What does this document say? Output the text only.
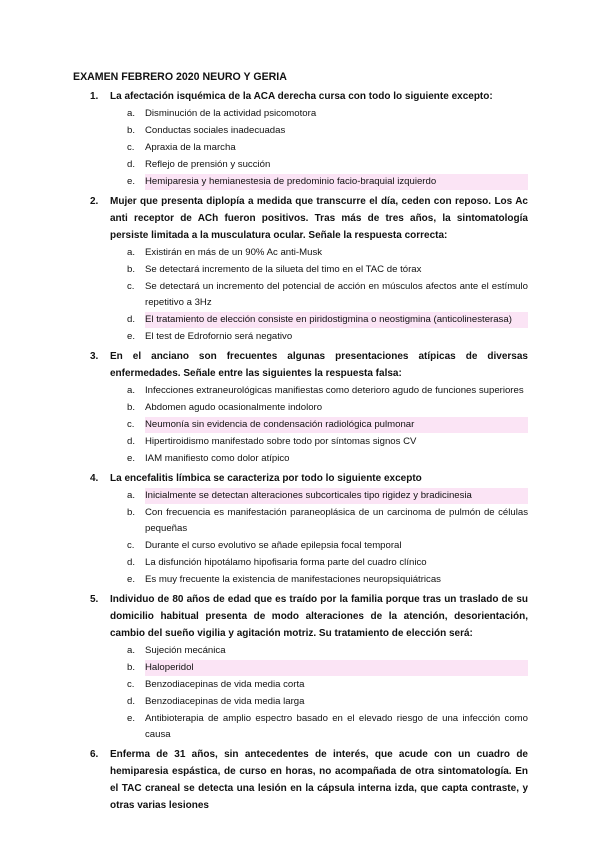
EXAMEN FEBRERO 2020 NEURO Y GERIA
1. La afectación isquémica de la ACA derecha cursa con todo lo siguiente excepto:
a. Disminución de la actividad psicomotora
b. Conductas sociales inadecuadas
c. Apraxia de la marcha
d. Reflejo de prensión y succión
e. Hemiparesia y hemianestesia de predominio facio-braquial izquierdo
2. Mujer que presenta diplopía a medida que transcurre el día, ceden con reposo. Los Ac anti receptor de ACh fueron positivos. Tras más de tres años, la sintomatología persiste limitada a la musculatura ocular. Señale la respuesta correcta:
a. Existirán en más de un 90% Ac anti-Musk
b. Se detectará incremento de la silueta del timo en el TAC de tórax
c. Se detectará un incremento del potencial de acción en músculos afectos ante el estímulo repetitivo a 3Hz
d. El tratamiento de elección consiste en piridostigmina o neostigmina (anticolinesterasa)
e. El test de Edrofornio será negativo
3. En el anciano son frecuentes algunas presentaciones atípicas de diversas enfermedades. Señale entre las siguientes la respuesta falsa:
a. Infecciones extraneurológicas manifiestas como deterioro agudo de funciones superiores
b. Abdomen agudo ocasionalmente indoloro
c. Neumonía sin evidencia de condensación radiológica pulmonar
d. Hipertiroidismo manifestado sobre todo por síntomas signos CV
e. IAM manifiesto como dolor atípico
4. La encefalitis límbica se caracteriza por todo lo siguiente excepto
a. Inicialmente se detectan alteraciones subcorticales tipo rigidez y bradicinesia
b. Con frecuencia es manifestación paraneoplásica de un carcinoma de pulmón de células pequeñas
c. Durante el curso evolutivo se añade epilepsia focal temporal
d. La disfunción hipotálamo hipofisaria forma parte del cuadro clínico
e. Es muy frecuente la existencia de manifestaciones neuropsiquiátricas
5. Individuo de 80 años de edad que es traído por la familia porque tras un traslado de su domicilio habitual presenta de modo alteraciones de la atención, desorientación, cambio del sueño vigilia y agitación motriz. Su tratamiento de elección será:
a. Sujeción mecánica
b. Haloperidol
c. Benzodiacepinas de vida media corta
d. Benzodiacepinas de vida media larga
e. Antibioterapia de amplio espectro basado en el elevado riesgo de una infección como causa
6. Enferma de 31 años, sin antecedentes de interés, que acude con un cuadro de hemiparesia espástica, de curso en horas, no acompañada de otra sintomatología. En el TAC craneal se detecta una lesión en la cápsula interna izda, que capta contraste, y otras varias lesiones
